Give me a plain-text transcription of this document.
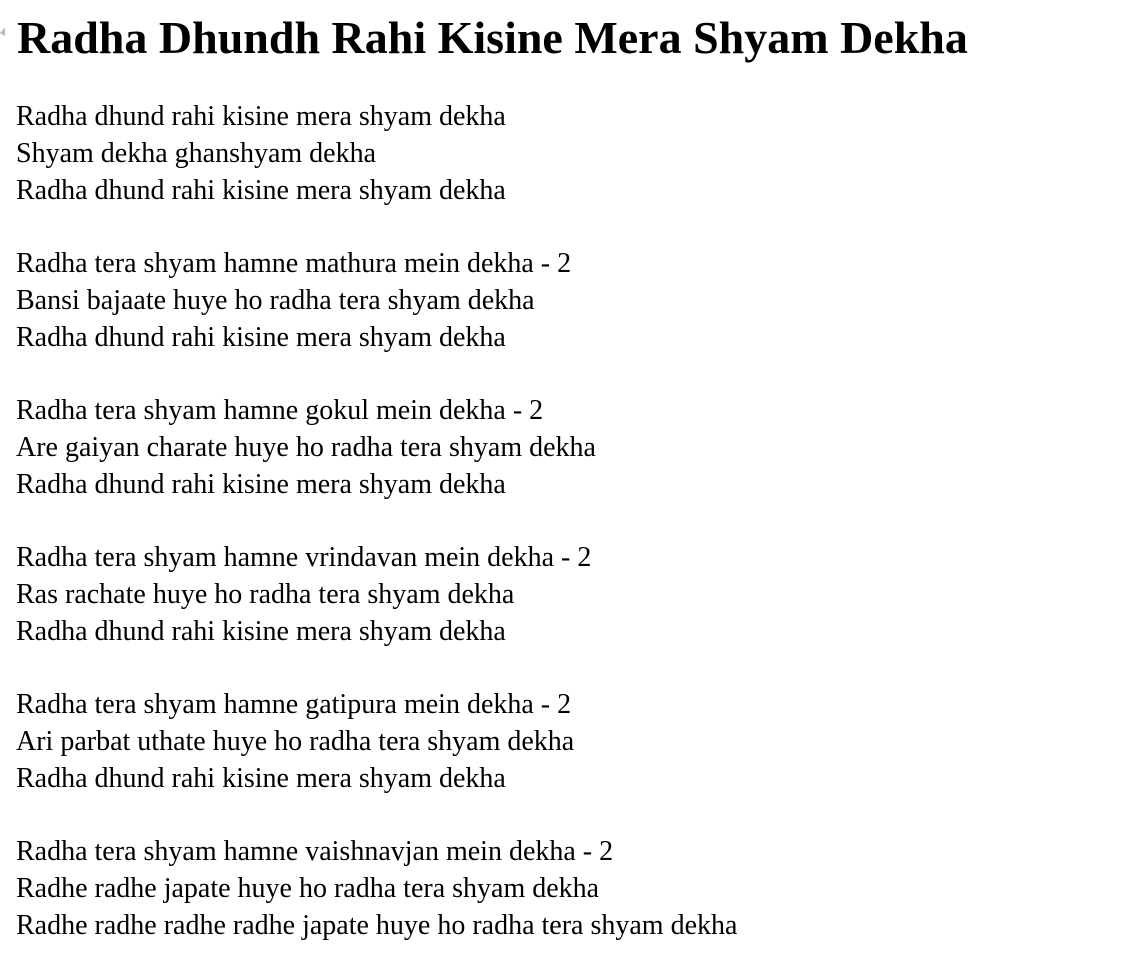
Radha Dhundh Rahi Kisine Mera Shyam Dekha
Radha dhund rahi kisine mera shyam dekha
Shyam dekha ghanshyam dekha
Radha dhund rahi kisine mera shyam dekha
Radha tera shyam hamne mathura mein dekha - 2
Bansi bajaate huye ho radha tera shyam dekha
Radha dhund rahi kisine mera shyam dekha
Radha tera shyam hamne gokul mein dekha - 2
Are gaiyan charate huye ho radha tera shyam dekha
Radha dhund rahi kisine mera shyam dekha
Radha tera shyam hamne vrindavan mein dekha - 2
Ras rachate huye ho radha tera shyam dekha
Radha dhund rahi kisine mera shyam dekha
Radha tera shyam hamne gatipura mein dekha - 2
Ari parbat uthate huye ho radha tera shyam dekha
Radha dhund rahi kisine mera shyam dekha
Radha tera shyam hamne vaishnavjan mein dekha - 2
Radhe radhe japate huye ho radha tera shyam dekha
Radhe radhe radhe radhe japate huye ho radha tera shyam dekha
